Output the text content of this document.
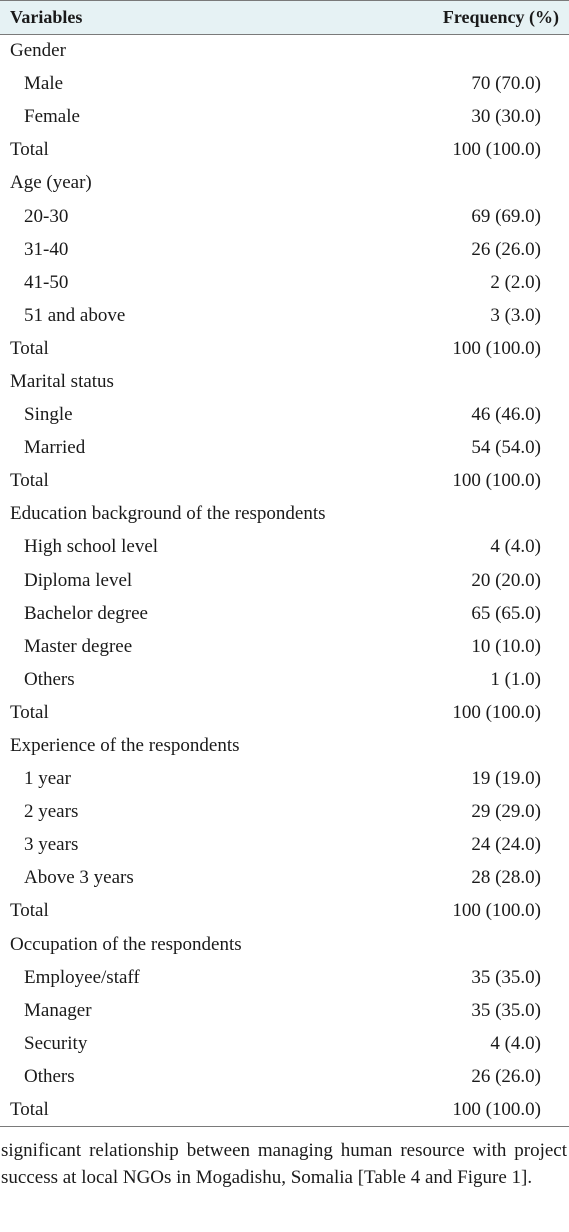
Variables	Frequency (%)
Gender	
Male	70 (70.0)
Female	30 (30.0)
Total	100 (100.0)
Age (year)	
20-30	69 (69.0)
31-40	26 (26.0)
41-50	2 (2.0)
51 and above	3 (3.0)
Total	100 (100.0)
Marital status	
Single	46 (46.0)
Married	54 (54.0)
Total	100 (100.0)
Education background of the respondents	
High school level	4 (4.0)
Diploma level	20 (20.0)
Bachelor degree	65 (65.0)
Master degree	10 (10.0)
Others	1 (1.0)
Total	100 (100.0)
Experience of the respondents	
1 year	19 (19.0)
2 years	29 (29.0)
3 years	24 (24.0)
Above 3 years	28 (28.0)
Total	100 (100.0)
Occupation of the respondents	
Employee/staff	35 (35.0)
Manager	35 (35.0)
Security	4 (4.0)
Others	26 (26.0)
Total	100 (100.0)

significant relationship between managing human resource with project success at local NGOs in Mogadishu, Somalia [Table 4 and Figure 1].
